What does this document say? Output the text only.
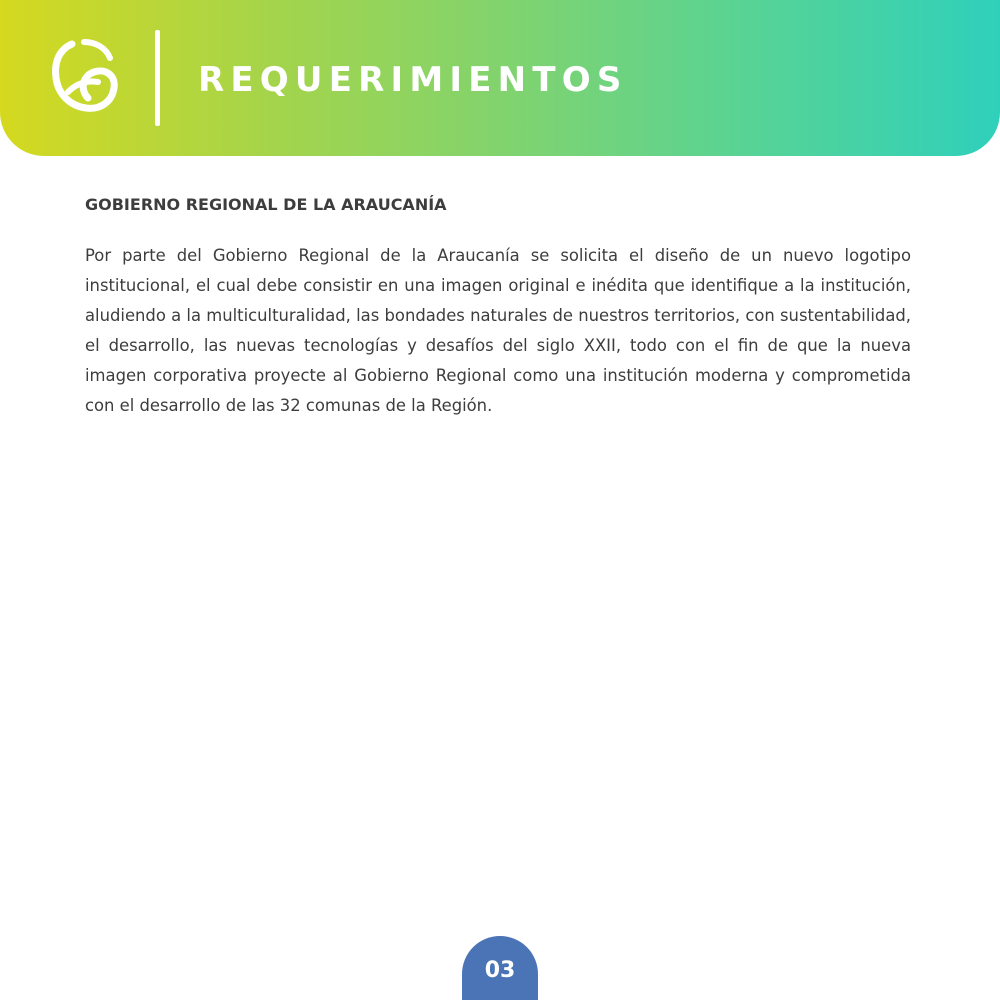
REQUERIMIENTOS
GOBIERNO REGIONAL DE LA ARAUCANÍA

Por parte del Gobierno Regional de la Araucanía se solicita el diseño de un nuevo logotipo institucional, el cual debe consistir en una imagen original e inédita que identifique a la institución, aludiendo a la multiculturalidad, las bondades naturales de nuestros territorios, con sustentabilidad, el desarrollo, las nuevas tecnologías y desafíos del siglo XXII, todo con el fin de que la nueva imagen corporativa proyecte al Gobierno Regional como una institución moderna y comprometida con el desarrollo de las 32 comunas de la Región.

03
